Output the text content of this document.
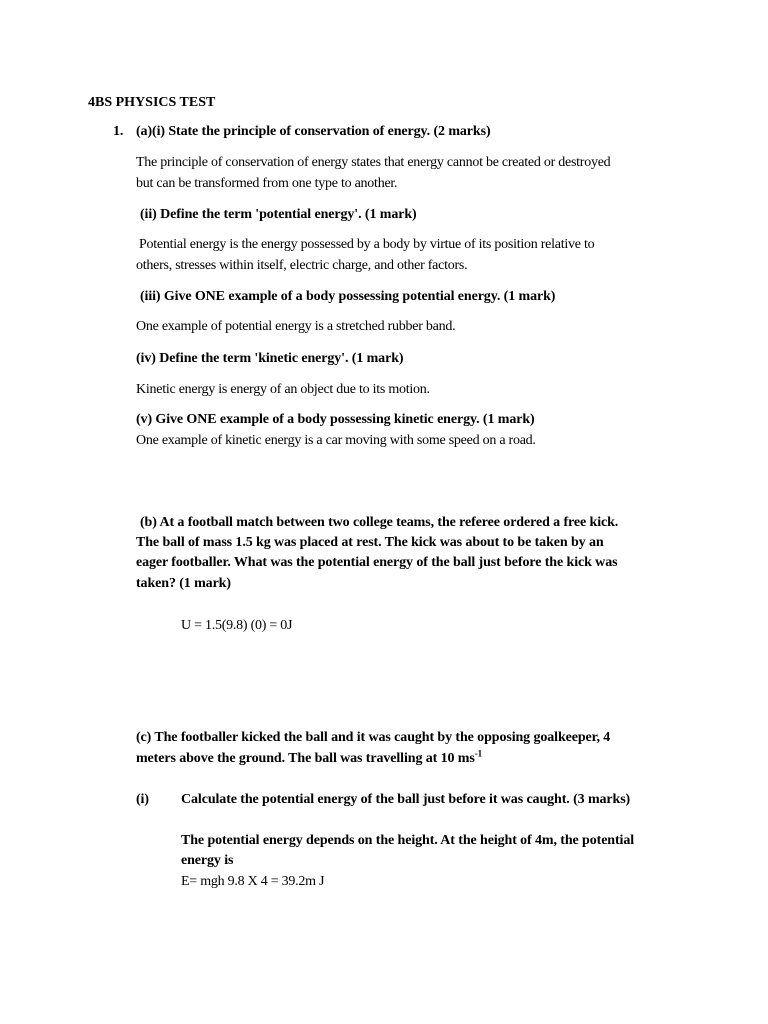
4BS PHYSICS TEST
1. (a)(i) State the principle of conservation of energy. (2 marks)
The principle of conservation of energy states that energy cannot be created or destroyed
but can be transformed from one type to another.
(ii) Define the term 'potential energy'. (1 mark)
Potential energy is the energy possessed by a body by virtue of its position relative to
others, stresses within itself, electric charge, and other factors.
(iii) Give ONE example of a body possessing potential energy. (1 mark)
One example of potential energy is a stretched rubber band.
(iv) Define the term 'kinetic energy'. (1 mark)
Kinetic energy is energy of an object due to its motion.
(v) Give ONE example of a body possessing kinetic energy. (1 mark)
One example of kinetic energy is a car moving with some speed on a road.
(b) At a football match between two college teams, the referee ordered a free kick.
The ball of mass 1.5 kg was placed at rest. The kick was about to be taken by an
eager footballer. What was the potential energy of the ball just before the kick was
taken? (1 mark)
U = 1.5(9.8) (0) = 0J
(c) The footballer kicked the ball and it was caught by the opposing goalkeeper, 4
meters above the ground. The ball was travelling at 10 $ms^{-1}$
(i) Calculate the potential energy of the ball just before it was caught. (3 marks)
The potential energy depends on the height. At the height of 4m, the potential
energy is
E= mgh 9.8 X 4 = 39.2m J
